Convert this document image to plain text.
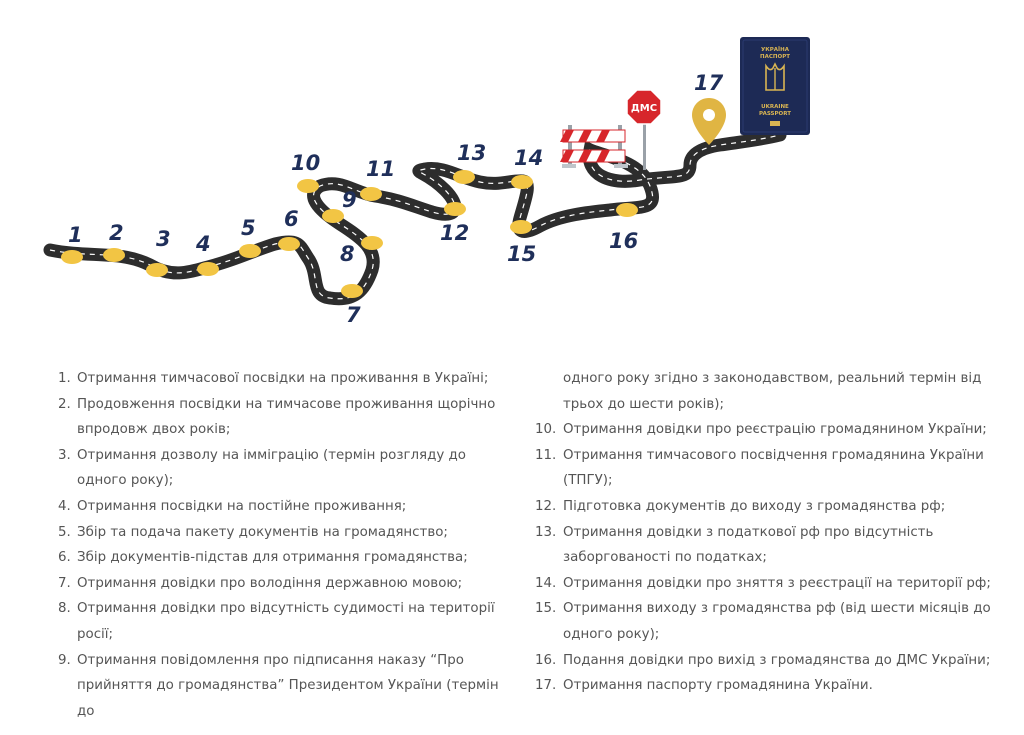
ДМС
УКРАЇНА
ПАСПОРТ
UKRAINE
PASSPORT
1 2 3 4
5 6
7
8
9
10 11
12
13 14
15
16
17
1. Отримання тимчасової посвідки на проживання в Україні;
2. Продовження посвідки на тимчасове проживання щорічно впродовж двох років;
3. Отримання дозволу на імміграцію (термін розгляду до одного року);
4. Отримання посвідки на постійне проживання;
5. Збір та подача пакету документів на громадянство;
6. Збір документів-підстав для отримання громадянства;
7. Отримання довідки про володіння державною мовою;
8. Отримання довідки про відсутність судимості на території росії;
9. Отримання повідомлення про підписання наказу “Про прийняття до громадянства” Президентом України (термін до
одного року згідно з законодавством, реальний термін від трьох до шести років);
10. Отримання довідки про реєстрацію громадянином України;
11. Отримання тимчасового посвідчення громадянина України (ТПГУ);
12. Підготовка документів до виходу з громадянства рф;
13. Отримання довідки з податкової рф про відсутність заборгованості по податках;
14. Отримання довідки про зняття з реєстрації на території рф;
15. Отримання виходу з громадянства рф (від шести місяців до одного року);
16. Подання довідки про вихід з громадянства до ДМС України;
17. Отримання паспорту громадянина України.
